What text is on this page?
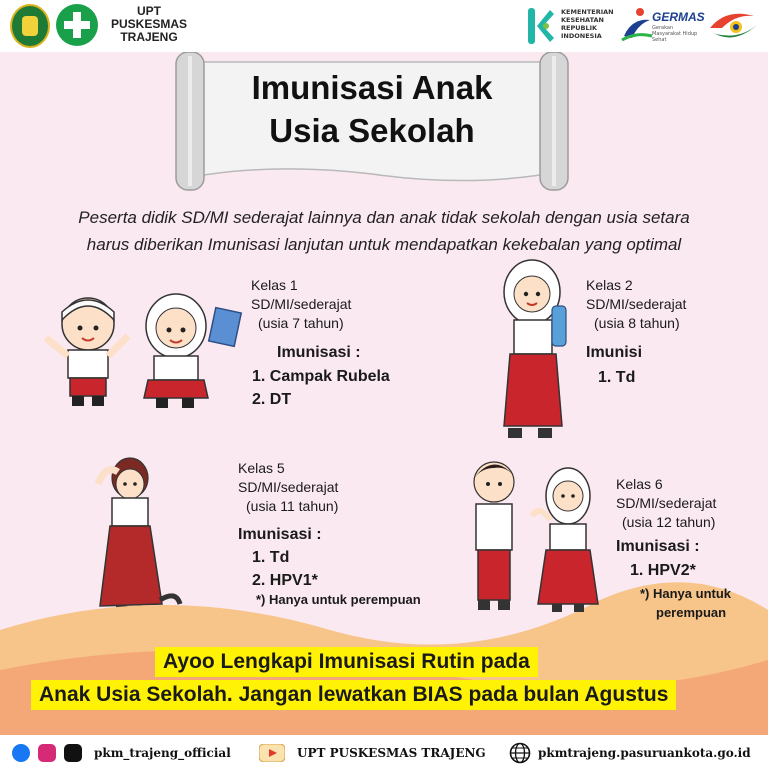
UPT PUSKESMAS TRAJENG
KEMENTERIAN KESEHATAN REPUBLIK INDONESIA
GERMAS
Gerakan Masyarakat Hidup Sehat
Imunisasi Anak
Usia Sekolah
Peserta didik SD/MI sederajat lainnya dan anak tidak sekolah dengan usia setara
harus diberikan Imunisasi lanjutan untuk mendapatkan kekebalan yang optimal
Kelas 1
SD/MI/sederajat
(usia 7 tahun)
Imunisasi :
1. Campak Rubela
2. DT
Kelas 2
SD/MI/sederajat
(usia 8 tahun)
Imunisi
1. Td
Kelas 5
SD/MI/sederajat
(usia 11 tahun)
Imunisasi :
1. Td
2. HPV1*
*) Hanya untuk perempuan
Kelas 6
SD/MI/sederajat
(usia 12 tahun)
Imunisasi :
1. HPV2*
*) Hanya untuk
perempuan
Ayoo Lengkapi Imunisasi Rutin pada
Anak Usia Sekolah. Jangan lewatkan BIAS pada bulan Agustus
pkm_trajeng_official	UPT PUSKESMAS TRAJENG	pkmtrajeng.pasuruankota.go.id
